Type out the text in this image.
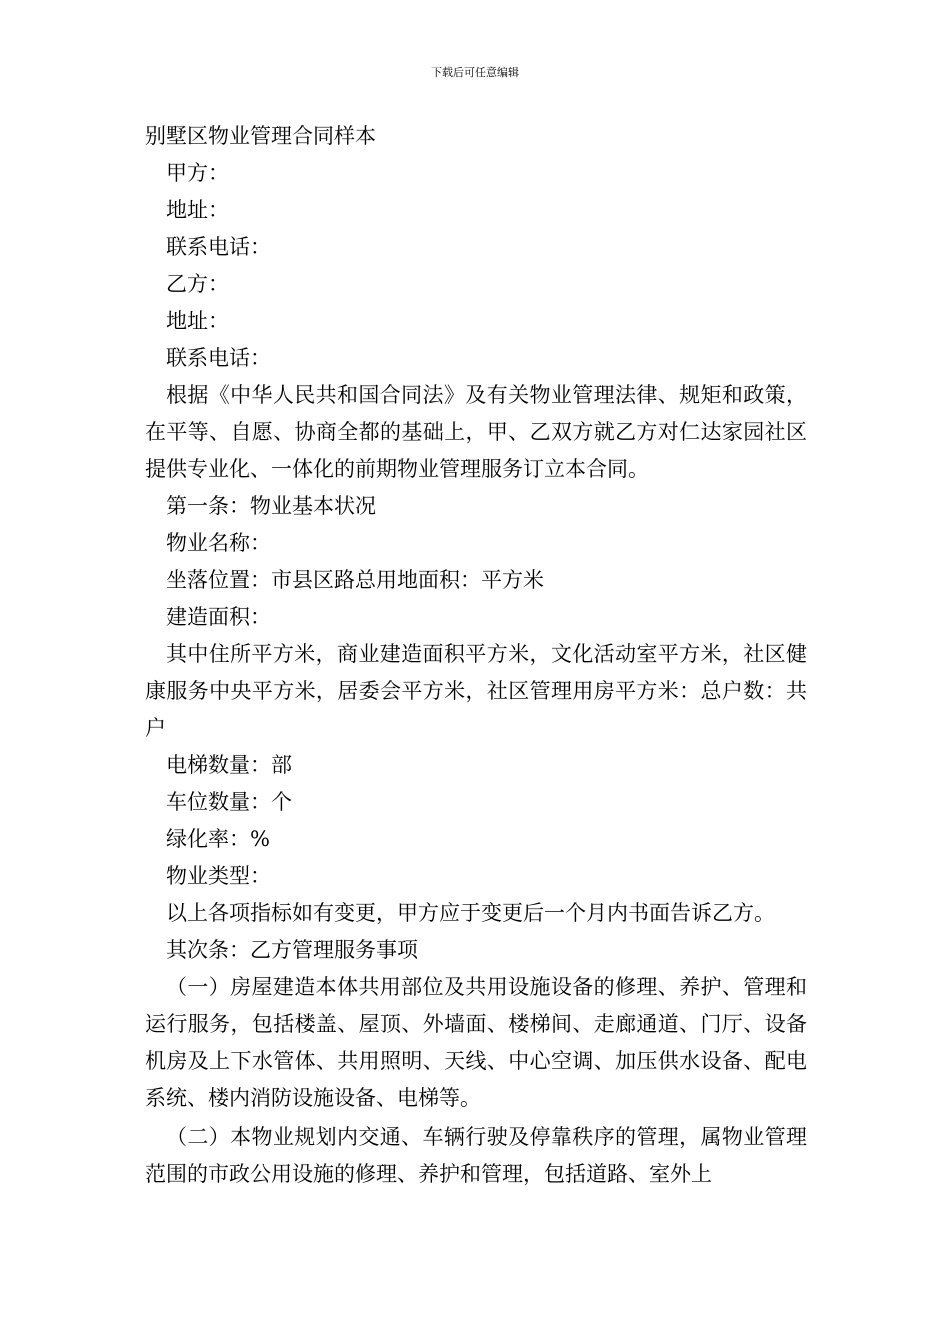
下载后可任意编辑

别墅区物业管理合同样本

甲方：

地址：

联系电话：

乙方：

地址：

联系电话：

根据《中华人民共和国合同法》及有关物业管理法律、规矩和政策，在平等、自愿、协商全都的基础上，甲、乙双方就乙方对仁达家园社区提供专业化、一体化的前期物业管理服务订立本合同。

第一条：物业基本状况

物业名称：

坐落位置：市县区路总用地面积：平方米

建造面积：

其中住所平方米，商业建造面积平方米，文化活动室平方米，社区健康服务中央平方米，居委会平方米，社区管理用房平方米：总户数：共户

电梯数量：部

车位数量：个

绿化率：%

物业类型：

以上各项指标如有变更，甲方应于变更后一个月内书面告诉乙方。

其次条：乙方管理服务事项

（一）房屋建造本体共用部位及共用设施设备的修理、养护、管理和运行服务，包括楼盖、屋顶、外墙面、楼梯间、走廊通道、门厅、设备机房及上下水管体、共用照明、天线、中心空调、加压供水设备、配电系统、楼内消防设施设备、电梯等。

（二）本物业规划内交通、车辆行驶及停靠秩序的管理，属物业管理范围的市政公用设施的修理、养护和管理，包括道路、室外上
